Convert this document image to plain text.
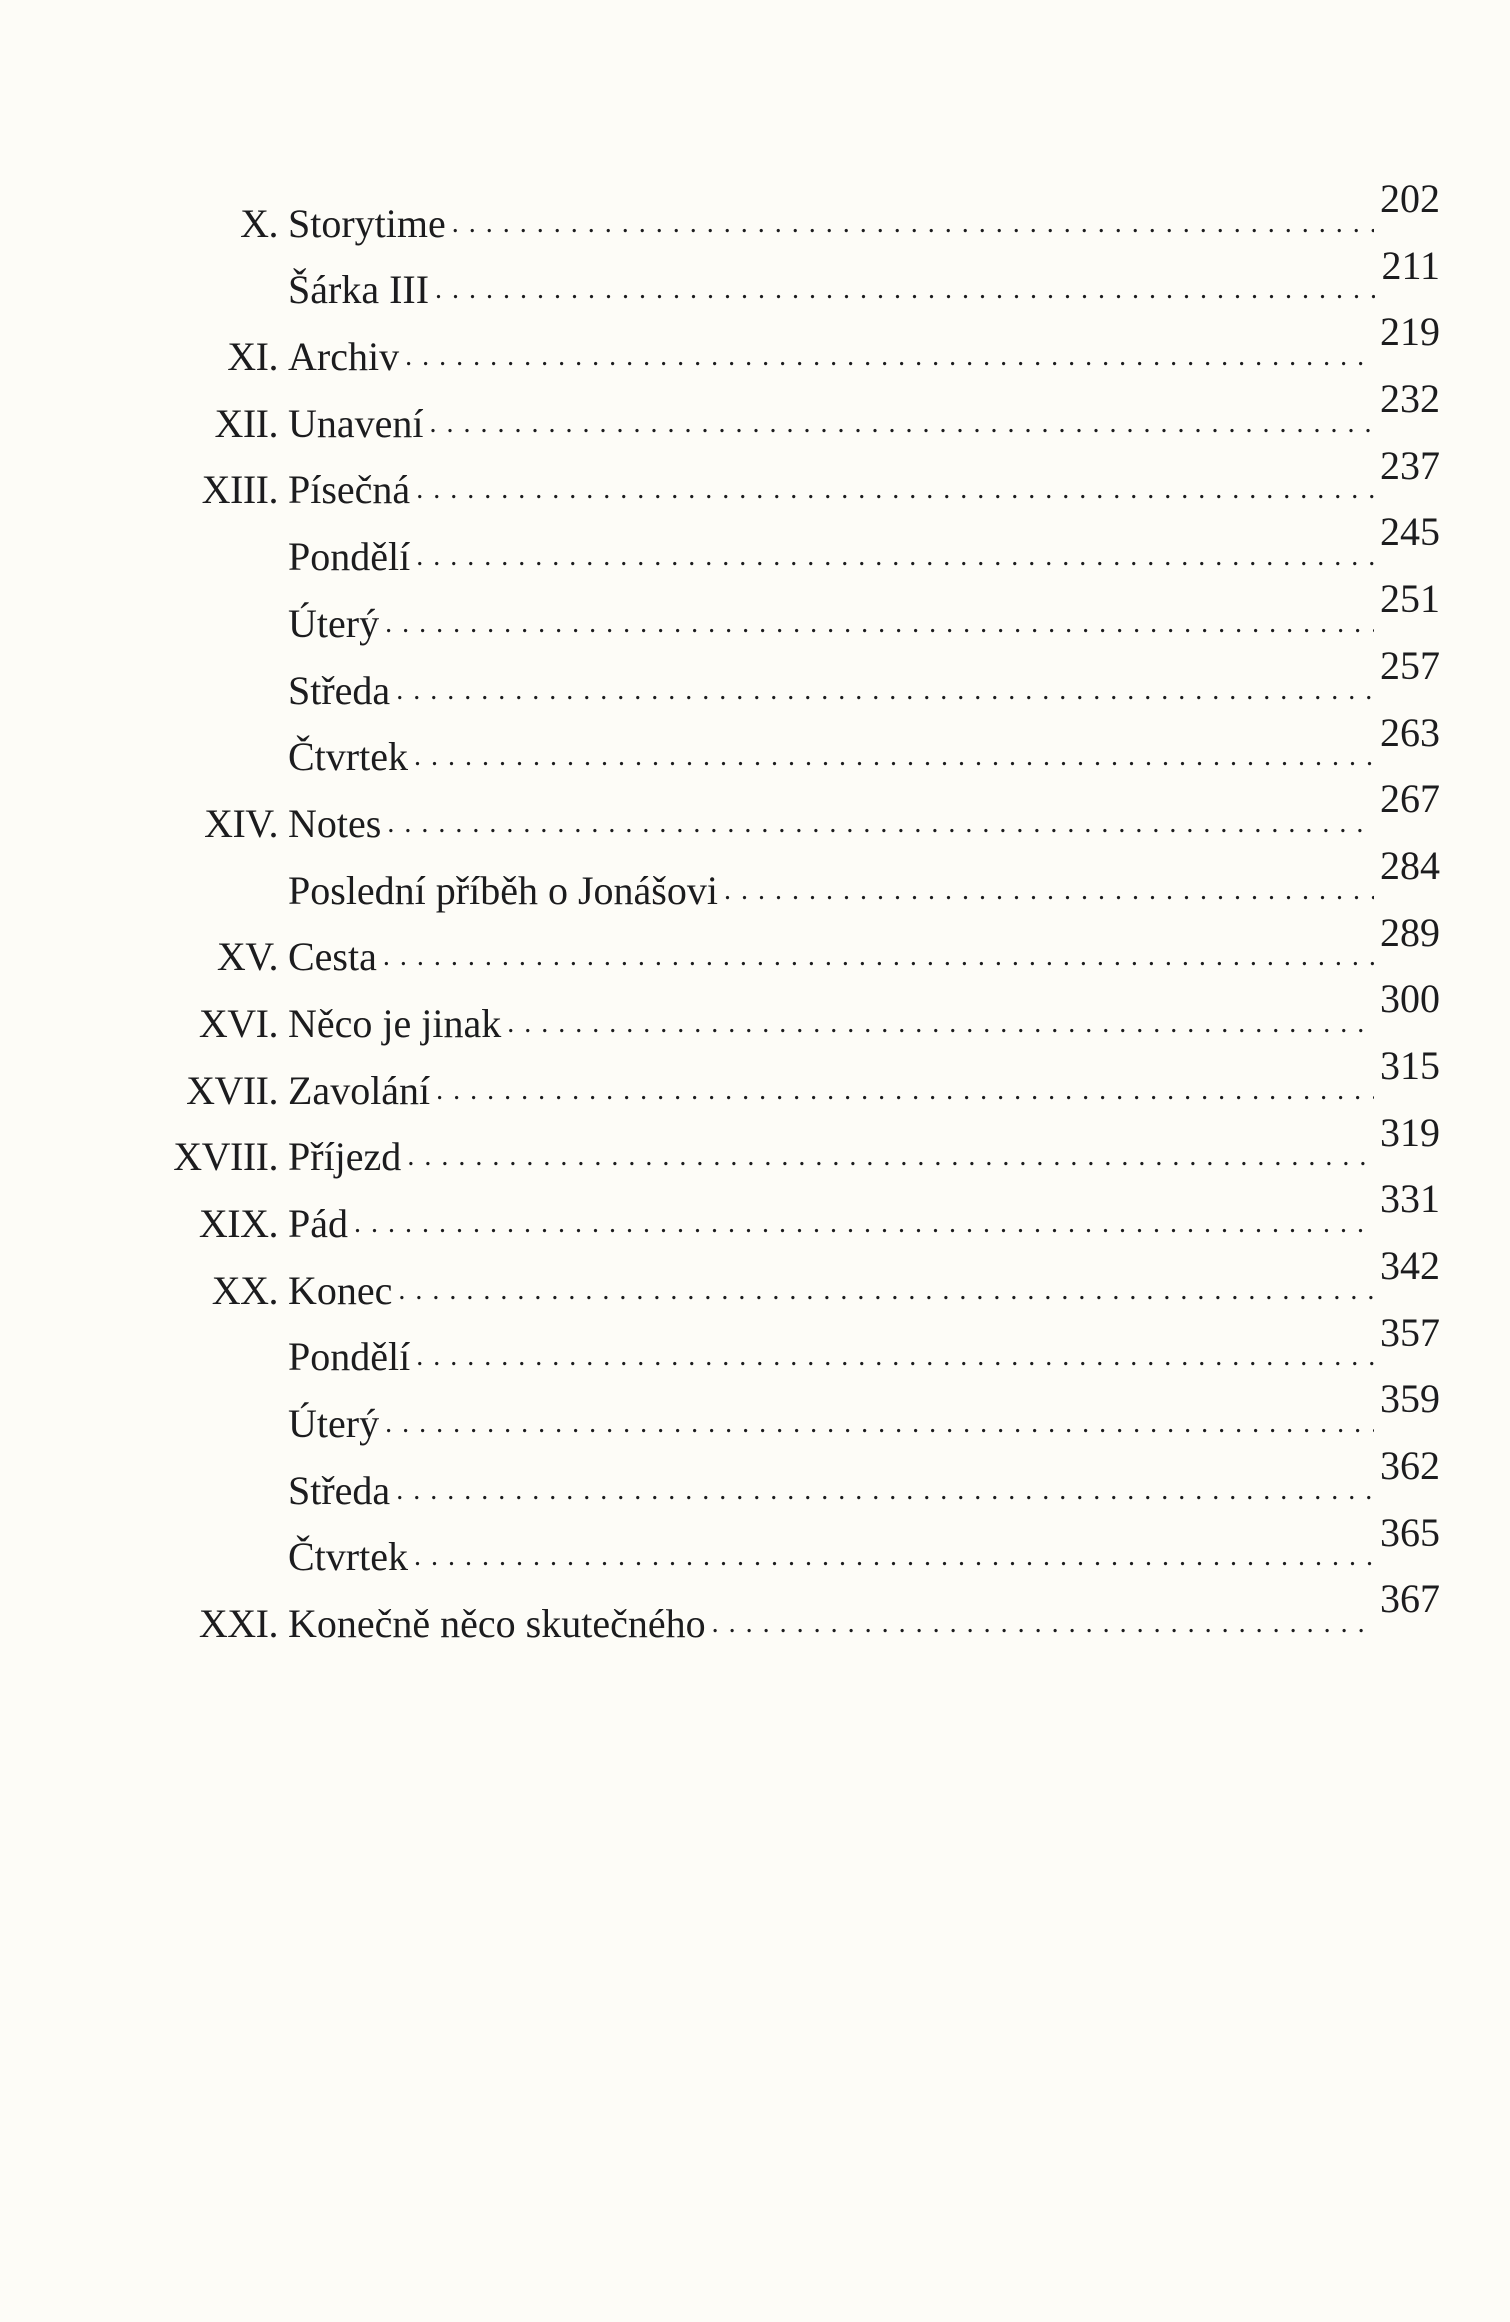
X. Storytime
. . .
202
Šárka III
. . .
211
XI. Archiv
. . .
219
XII. Unavení
. . .
232
XIII. Písečná
. . .
237
Pondělí
. . .
245
Úterý
. . .
251
Středa
. . .
257
Čtvrtek
. . .
263
XIV. Notes
. . .
267
Poslední příběh o Jonášovi
. . .
284
XV. Cesta
. . .
289
XVI. Něco je jinak
. . .
300
XVII. Zavolání
. . .
315
XVIII. Příjezd
. . .
319
XIX. Pád
. . .
331
XX. Konec
. . .
342
Pondělí
. . .
357
Úterý
. . .
359
Středa
. . .
362
Čtvrtek
. . .
365
XXI. Konečně něco skutečného
. . .
367
